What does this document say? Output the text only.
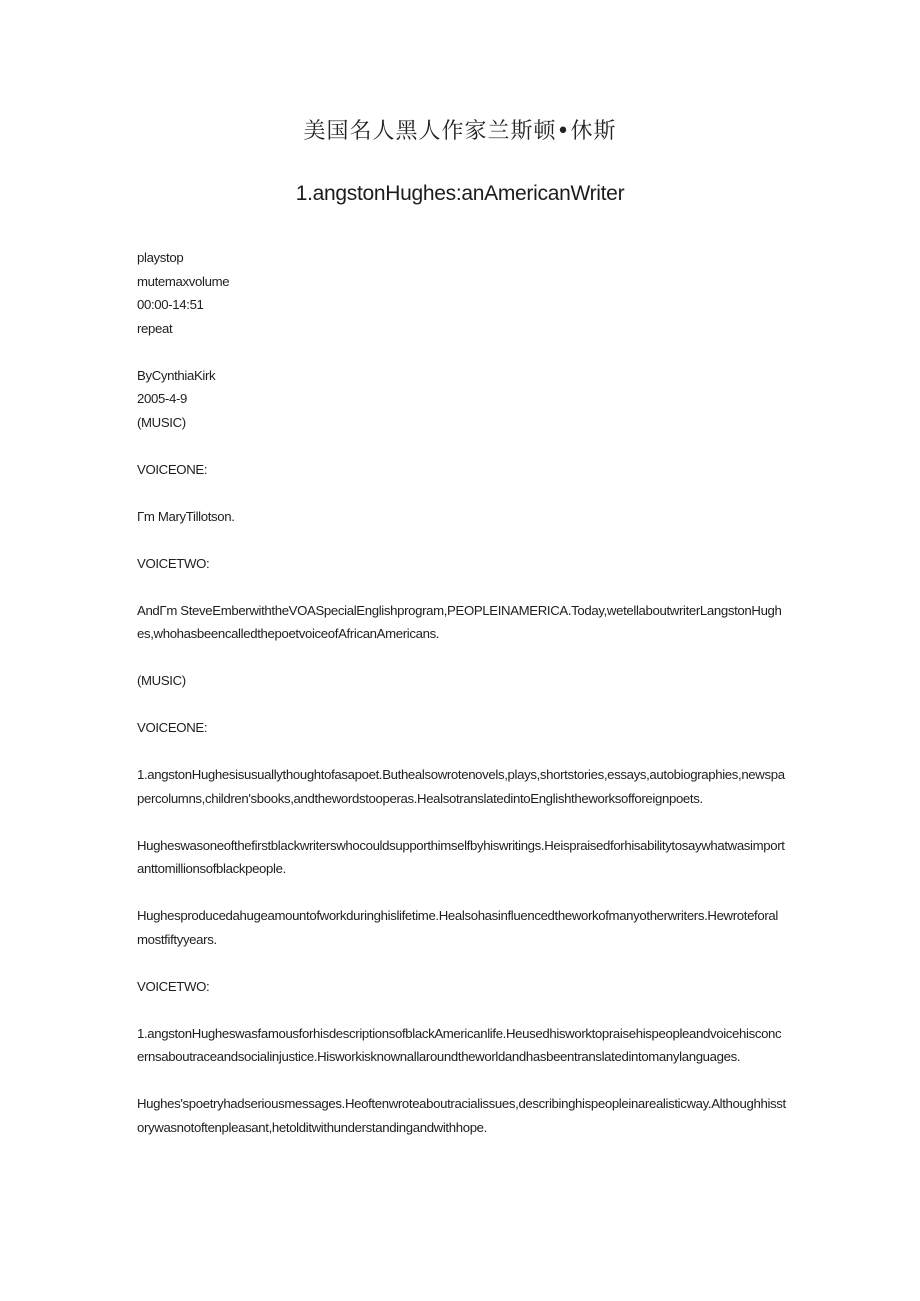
美国名人黑人作家兰斯顿•休斯
1.angstonHughes:anAmericanWriter

playstop

mutemaxvolume

00:00-14:51

repeat

ByCynthiaKirk

2005-4-9

(MUSIC)

VOICEONE:

Γm MaryTillotson.

VOICETWO:

AndΓm SteveEmberwiththeVOASpecialEnglishprogram,PEOPLEINAMERICA.Today,wetellaboutwriterLangstonHughes,whohasbeencalledthepoetvoiceofAfricanAmericans.

(MUSIC)

VOICEONE:

1.angstonHughesisusuallythoughtofasapoet.Buthealsowrotenovels,plays,shortstories,essays,autobiographies,newspapercolumns,children'sbooks,andthewordstooperas.HealsotranslatedintoEnglishtheworksofforeignpoets.

Hugheswasoneofthefirstblackwriterswhocouldsupporthimselfbyhiswritings.Heispraisedforhisabilitytosaywhatwasimportanttomillionsofblackpeople.

Hughesproducedahugeamountofworkduringhislifetime.Healsohasinfluencedtheworkofmanyotherwriters.Hewroteforalmostfiftyyears.

VOICETWO:

1.angstonHugheswasfamousforhisdescriptionsofblackAmericanlife.Heusedhisworktopraisehispeopleandvoicehisconcernsaboutraceandsocialinjustice.Hisworkisknownallaroundtheworldandhasbeentranslatedintomanylanguages.

Hughes'spoetryhadseriousmessages.Heoftenwroteaboutracialissues,describinghispeopleinarealisticway.Althoughhisstorywasnotoftenpleasant,hetolditwithunderstandingandwithhope.
